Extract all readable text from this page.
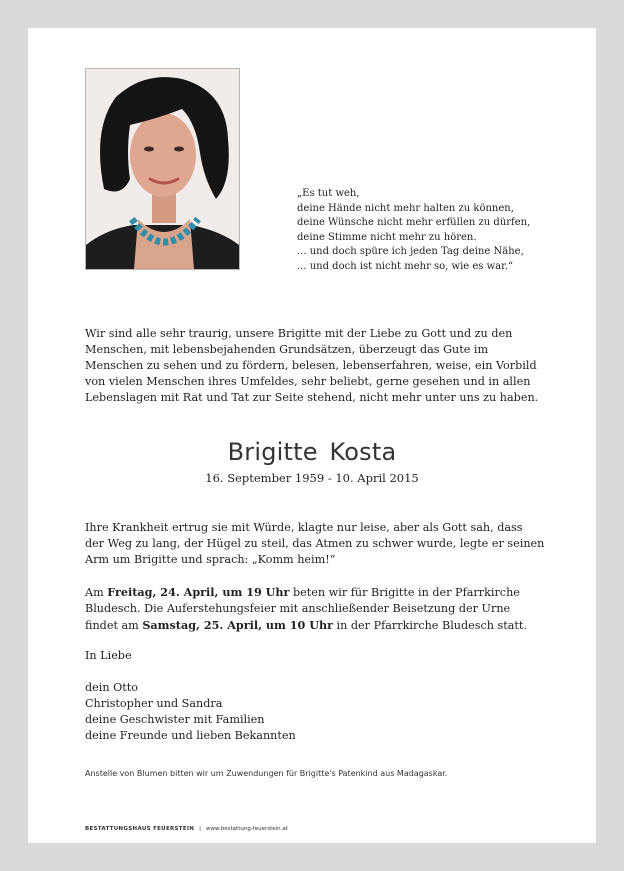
„Es tut weh,
deine Hände nicht mehr halten zu können,
deine Wünsche nicht mehr erfüllen zu dürfen,
deine Stimme nicht mehr zu hören.
... und doch spüre ich jeden Tag deine Nähe,
... und doch ist nicht mehr so, wie es war.“
Wir sind alle sehr traurig, unsere Brigitte mit der Liebe zu Gott und zu den Menschen, mit lebensbejahenden Grundsätzen, überzeugt das Gute im Menschen zu sehen und zu fördern, belesen, lebenserfahren, weise, ein Vorbild von vielen Menschen ihres Umfeldes, sehr beliebt, gerne gesehen und in allen Lebenslagen mit Rat und Tat zur Seite stehend, nicht mehr unter uns zu haben.
Brigitte Kosta
16. September 1959 - 10. April 2015
Ihre Krankheit ertrug sie mit Würde, klagte nur leise, aber als Gott sah, dass der Weg zu lang, der Hügel zu steil, das Atmen zu schwer wurde, legte er seinen Arm um Brigitte und sprach: „Komm heim!“
Am Freitag, 24. April, um 19 Uhr beten wir für Brigitte in der Pfarrkirche Bludesch. Die Auferstehungsfeier mit anschließender Beisetzung der Urne findet am Samstag, 25. April, um 10 Uhr in der Pfarrkirche Bludesch statt.
In Liebe
dein Otto
Christopher und Sandra
deine Geschwister mit Familien
deine Freunde und lieben Bekannten
Anstelle von Blumen bitten wir um Zuwendungen für Brigitte's Patenkind aus Madagaskar.
BESTATTUNGSHAUS FEUERSTEIN | www.bestattung-feuerstein.at
